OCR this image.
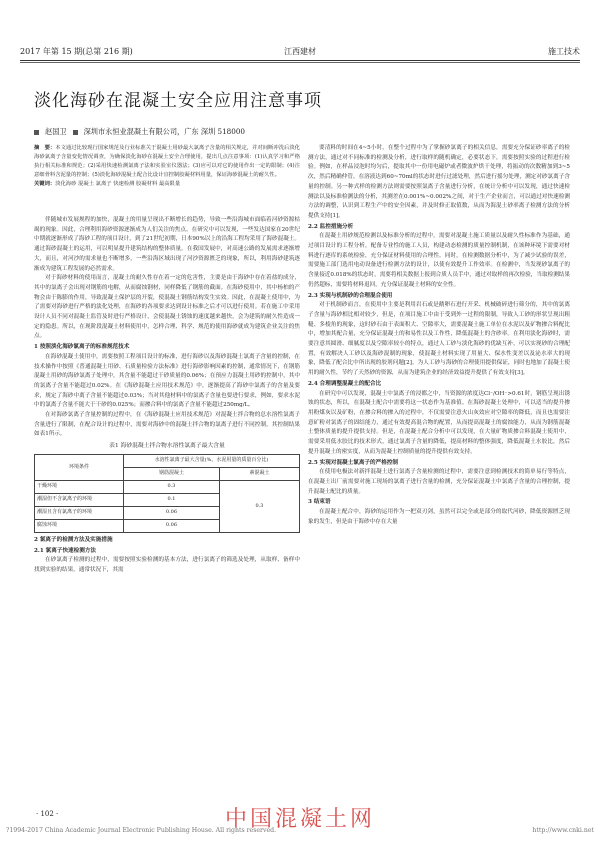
2017 年第 15 期(总第 216 期)	江西建材	施工技术
淡化海砂在混凝土安全应用注意事项
赵国卫 深圳市永恒业混凝土有限公司，广东 深圳 518000

摘　要：本文通过比较现行国家规范及行业标准关于混凝土用砂最大氯离子含量的相关规定，并对间断冲洗后淡化海砂氯离子含量变化情况调查，为确保淡化海砂在混凝土安全合理使用，提出几点注意事项：(1)认真学习和严格执行相关标准和规范；(2)采用快速检测氯离子法和实验室仪器法；(3)应可以对它的使用作出一定的限制；(4)注意细骨料含泥量的控制；(5)淡化海砂混凝土配合比设计宜控制胶凝材料用量，保证海砂混凝土的耐久性。

关键词：淡化海砂 混凝土 氯离子 快速检测 胶凝材料 最高限量

伴随城市发展规程的加快，混凝土的用量呈现出不断增长的趋势，导致一些沿海城市面临着河砂资源枯竭的现象。因此，合理利用海砂资源逐渐成为人们关注的焦点。在研究中可以发现，一些发达国家在20世纪中期就逐渐形成了海砂工程的项目设计，到了21世纪初期，日本90%以上的沿海工程均采用了海砂混凝土。通过海砂混凝土的运用，可以明显提升建筑结构的整体质量。在我国发展中，对高速公路的发展需求逐渐增大，而且，对河沙的需求量也不断增多，一些沿海区域出现了河沙资源匮乏的现象，所以，利用海砂建筑逐渐成为建筑工程发展的必然需求。

对于海砂材料的使用而言，混凝土的耐久性存在着一定的危害性，主要是由于海砂中存在着盐的成分，其中的氯离子会出现对钢筋的电解，从而腐蚀钢材，同样降低了钢筋的截面。在海砂使用中，其中杨柏的产物会由于陈膨的作用，导致混凝土保护层的开裂，使混凝土钢筋结构发生实效。因此，在混凝土使用中，为了需要对海砂进行严格的淡化处理，在海砂的各项要求达到设计标准之后才可以进行使用。若在施工中采用设计人员不同对混凝土监管及时进行严格设计，会使混凝土锈蚀的速度越来越快，会为建筑的耐久性造成一定的隐患。所以，在现阶段混凝土材料使用中，怎样合理、科学、规范的使用海砂就成为建筑企业关注的焦点。

1 按照淡化海砂氯离子的标准规范技术

在海砂混凝土使用中，需要按照工程项目设计的标准，进行海砂以及海砂混凝土氯离子含量的控制，在技术操作中按照《普通混凝土用砂、石质量检验方法标准》进行海砂影响因素的控制，通常情况下，在钢筋混凝土用砂的海砂氯离子处理中，其含量不能超过干砂质量的0.06%；在预应力混凝土用砂的控制中，其中的氯离子含量不能超过0.02%。在《海砂混凝土应用技术规范》中，逐渐提高了海砂中氯离子的含量及要求，规定了海砂中离子含量不能超过0.03%；当对其他材料中的氯离子含量也要进行要求，例如，要求水泥中的氯离子含量不能大于干砂的0.025%；而掺合料中的氯离子含量不能超过250mg/L。

在对海砂氯离子含量控制的过程中，在《海砂混凝土应用技术规范》对混凝土拌合物的总水溶性氯离子含量进行了限制，在配合设计的过程中，需要对海砂中的混凝土拌合物的氯离子进行不同控制，其控制结果如表1所示。

表1 海砂混凝土拌合物水溶性氯离子最大含量
环境条件	水溶性氯离子最大含量(%，水泥用量的质量百分比)	
	钢筋混凝土	素混凝土
干燥环境	0.3	0.3
潮湿但不含氯离子的环境	0.1	
潮湿且含有氯离子的环境	0.06	
腐蚀环境	0.06	

2 氯离子的检测方法及实施措施

2.1 氯离子快速检测方法

在砂氯离子检测的过程中，需要按照实验检测的基本方法，进行氯离子的筛选及处理，从取样、备样中找到实验的结果，通常状况下，其需

要清料的时间在4~5小时，在整个过程中为了掌握砂氯离子的相关信息，需要充分保证砂率离子的检测方法，通过对不同标准的检测及分析，进行取样的随机确定，必要状态下，需要按照实验的过程进行检验。例如，在样品浸泡时均匀后，提取其中一份用电磁炉或者微波炉烘干处理，将振动的次数精加到3~5次，然后精确仲管，在溶液达到60~70ml的状态时进行过滤处理，然后进行摇匀处理，测定对砂氯离子含量的控制。另一种式样的检测方法则需要按照氯离子含量进行分析，在统计分析中可以发现，通过快速检测法以及标准检测法的分析，其测差在0.001%~0.002%之间，对于生产企业而言，可以通过对快速检测方法的调整，认识到工程生产中的安全因素，并及时修正取值数，从而为海混土砂率离子检测方法的分析提供支持[1]。

2.2 监控措施分析

在混凝土用砂规范检测以及标准分析的过程中，需要对混凝土施工质量以及耐久性标准作为基础，通过项目设计的工程分析，配备专业性的施工人员，构建动态检测的质量控制机制，在该种环境下需要对材料进行逐库的系统检验，充分保证材料使用的合理性。同时，在检测数据分析中，为了减少试验的误差，需要施工部门选用电动设备进行检测方法的设计，以使有效提升工作效率。在检测中，当发现砂氯离子的含量接近0.018%的状态时，需要将相关数据上报到合质人员手中，通过对取样的再次检验，当取检测结果仍然超标，需要将材料退回，充分保证混凝土材料的安全性。

2.3 实现与机制砂的合理混合使用

对于机制砂而言，在使用中主要是利用岩石或是鹅卵石进行开采、机械破碎进行筛分的，其中的氯离子含量与海砂相比相对较少，但是，在项目施工中由于受到外一过程的限制，导致人工砂的形状呈现出粗糙、多棱角的现象，这时砂石由于表面积大、空隙率大，需要混凝土施工单位在水泥以及矿物掺合料配比中，增加其配合量，充分保证混凝土的和易性以及工作性，降低混凝土的含砂率。在利用淡化海砂时，需要注意其圆滑、细腻度以及空隙率较小的特点，通过人工砂与淡化海砂的优缺互补，可以实现砂的合理配置，有效解决人工砂以及海砂混制的现象，使混凝土材料实现了用量大、保水性变差以及泌水率大的现象，降低了配合比中所出现的胶剂问题[2]。为人工砂与海砂的合理使用提供保证，同时也地加了混凝土使用的耐久性，节约了天然砂的资源，从而为建筑企业的经济效益提升提供了有效支持[3]。

2.4 合理调整混凝土的配合比

在研究中可以发现，混凝土中氯离子的浸都之中，当资源的浓度达Cl⁻/OH⁻>0.61时，钢筋呈现出锈蚀的状态，所以，在混凝土配合中需要将这一状态作为基准值。在海砂混凝土处理中，可以适当的提升掺用粉煤灰以及矿粉，在掺合料的掺入的过程中，不仅需要注意火山灰效应对空隙率的降低，而且也需要注意矿粉对氯离子的固结能力，通过有效提高混合物的配置，从而提高混凝土的腐蚀能力，从而为钢筋混凝土整体质量的提升提供支持。但是，在混凝土配合分析中可以发现，在大量矿物质掺合料混凝土使用中，需要采用低水胶比的技术形式，通过氯离子含量的降低，提高材料的整体强度，降低混凝土水胶比，然后提升混凝土的密实度，从而为混凝土控制质量的提升提供有效支持。

2.5 实现对混凝土氯离子的严格控制

在使用电极法对新拌混凝土进行氯离子含量检测的过程中，需要注意到检测技术的简单易行等特点，在混凝土出厂前需要对施工现场的氯离子进行含量的检测，充分保证混凝土中氯离子含量的合理控制，提升混凝土配比的质量。

3 结束语

在混凝土配合中，海砂的运用作为一把双刃剑，虽然可以完全或是部分的取代河砂，降低资源匮乏现象的发生，但是由于海砂中存在大量

· 102 ·	中国混凝土网
?1994-2017 China Academic Journal Electronic Publishing House. All rights reserved.	http://www.cnki.net
